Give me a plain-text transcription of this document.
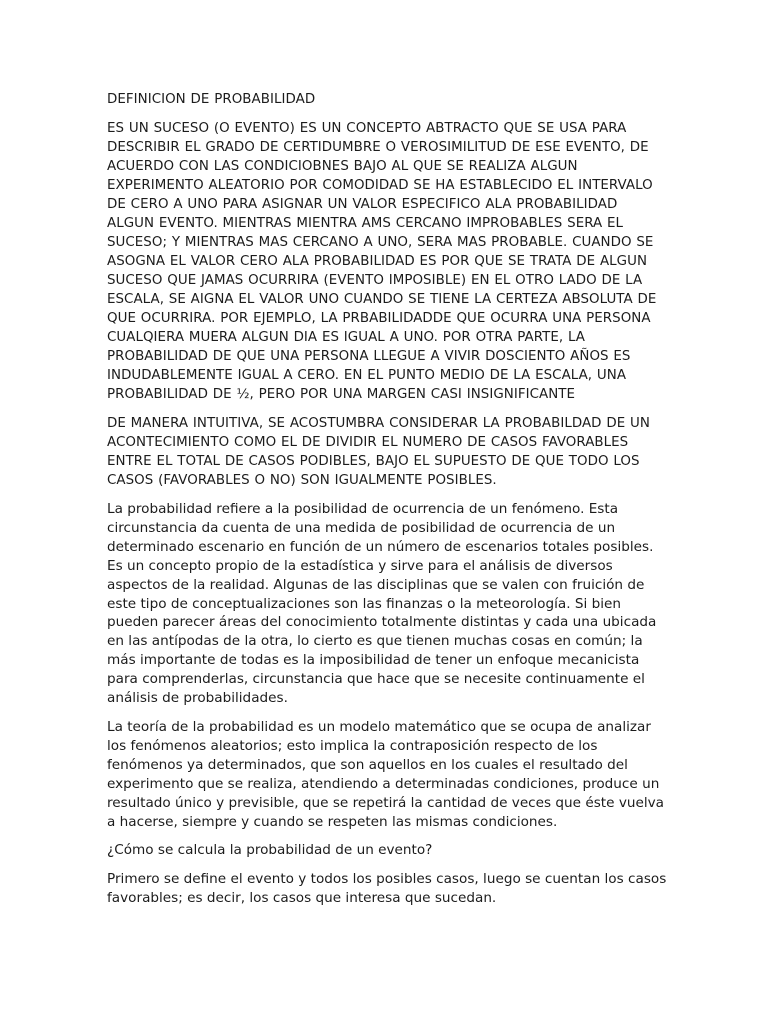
DEFINICION DE PROBABILIDAD

ES UN SUCESO (O EVENTO) ES UN CONCEPTO ABTRACTO QUE SE USA PARA DESCRIBIR EL GRADO DE CERTIDUMBRE O VEROSIMILITUD DE ESE EVENTO, DE ACUERDO CON LAS CONDICIOBNES BAJO AL QUE SE REALIZA ALGUN EXPERIMENTO ALEATORIO POR COMODIDAD SE HA ESTABLECIDO EL INTERVALO DE CERO A UNO PARA ASIGNAR UN VALOR ESPECIFICO ALA PROBABILIDAD ALGUN EVENTO. MIENTRAS MIENTRA AMS CERCANO IMPROBABLES SERA EL SUCESO; Y MIENTRAS MAS CERCANO A UNO, SERA MAS PROBABLE. CUANDO SE ASOGNA EL VALOR CERO ALA PROBABILIDAD ES POR QUE SE TRATA DE ALGUN SUCESO QUE JAMAS OCURRIRA (EVENTO IMPOSIBLE) EN EL OTRO LADO DE LA ESCALA, SE AIGNA EL VALOR UNO CUANDO SE TIENE LA CERTEZA ABSOLUTA DE QUE OCURRIRA. POR EJEMPLO, LA PRBABILIDADDE QUE OCURRA UNA PERSONA CUALQIERA MUERA ALGUN DIA ES IGUAL A UNO. POR OTRA PARTE, LA PROBABILIDAD DE QUE UNA PERSONA LLEGUE A VIVIR DOSCIENTO AÑOS ES INDUDABLEMENTE IGUAL A CERO. EN EL PUNTO MEDIO DE LA ESCALA, UNA PROBABILIDAD DE ½, PERO POR UNA MARGEN CASI INSIGNIFICANTE

DE MANERA INTUITIVA, SE ACOSTUMBRA CONSIDERAR LA PROBABILDAD DE UN ACONTECIMIENTO COMO EL DE DIVIDIR EL NUMERO DE CASOS FAVORABLES ENTRE EL TOTAL DE CASOS PODIBLES, BAJO EL SUPUESTO DE QUE TODO LOS CASOS (FAVORABLES O NO) SON IGUALMENTE POSIBLES.

La probabilidad refiere a la posibilidad de ocurrencia de un fenómeno. Esta circunstancia da cuenta de una medida de posibilidad de ocurrencia de un determinado escenario en función de un número de escenarios totales posibles. Es un concepto propio de la estadística y sirve para el análisis de diversos aspectos de la realidad. Algunas de las disciplinas que se valen con fruición de este tipo de conceptualizaciones son las finanzas o la meteorología. Si bien pueden parecer áreas del conocimiento totalmente distintas y cada una ubicada en las antípodas de la otra, lo cierto es que tienen muchas cosas en común; la más importante de todas es la imposibilidad de tener un enfoque mecanicista para comprenderlas, circunstancia que hace que se necesite continuamente el análisis de probabilidades.

La teoría de la probabilidad es un modelo matemático que se ocupa de analizar los fenómenos aleatorios; esto implica la contraposición respecto de los fenómenos ya determinados, que son aquellos en los cuales el resultado del experimento que se realiza, atendiendo a determinadas condiciones, produce un resultado único y previsible, que se repetirá la cantidad de veces que éste vuelva a hacerse, siempre y cuando se respeten las mismas condiciones.

¿Cómo se calcula la probabilidad de un evento?

Primero se define el evento y todos los posibles casos, luego se cuentan los casos favorables; es decir, los casos que interesa que sucedan.
